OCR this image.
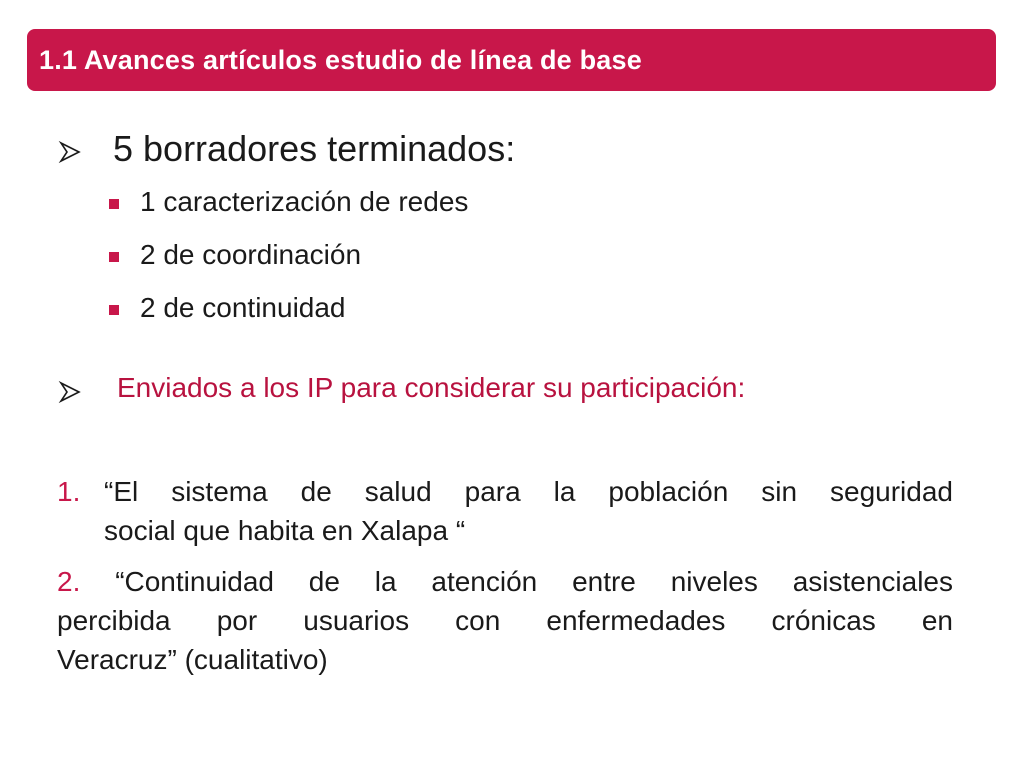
1.1 Avances artículos estudio de línea de base
5 borradores terminados:
1 caracterización de redes
2 de coordinación
2 de continuidad
Enviados a los IP para considerar su participación:
1. “El sistema de salud para la población sin seguridad
social que habita en Xalapa “
2. “Continuidad de la atención entre niveles asistenciales
percibida por usuarios con enfermedades crónicas en
Veracruz” (cualitativo)
